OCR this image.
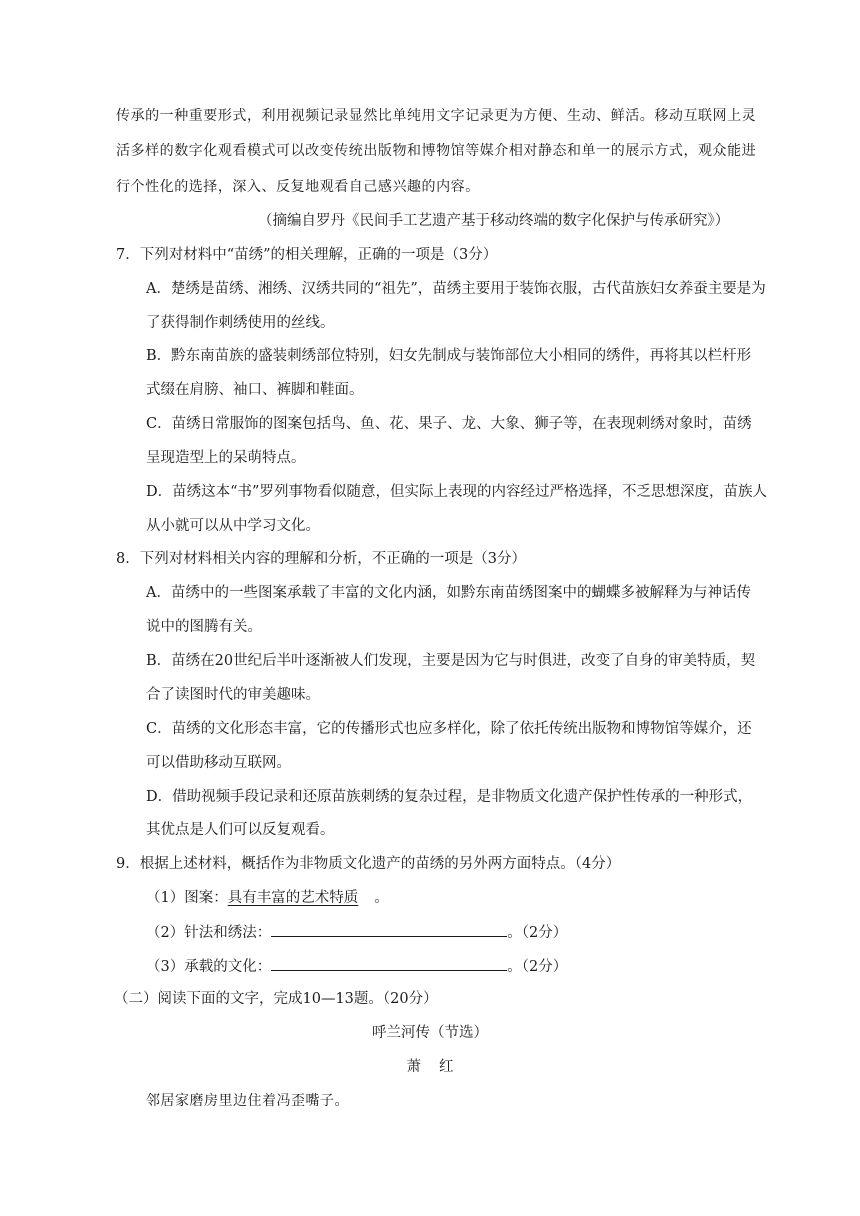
传承的一种重要形式，利用视频记录显然比单纯用文字记录更为方便、生动、鲜活。移动互联网上灵
活多样的数字化观看模式可以改变传统出版物和博物馆等媒介相对静态和单一的展示方式，观众能进
行个性化的选择，深入、反复地观看自己感兴趣的内容。
（摘编自罗丹《民间手工艺遗产基于移动终端的数字化保护与传承研究》）
7．下列对材料中“苗绣”的相关理解，正确的一项是（3分）
A．楚绣是苗绣、湘绣、汉绣共同的“祖先”，苗绣主要用于装饰衣服，古代苗族妇女养蚕主要是为
了获得制作刺绣使用的丝线。
B．黔东南苗族的盛装刺绣部位特别，妇女先制成与装饰部位大小相同的绣件，再将其以栏杆形
式缀在肩膀、袖口、裤脚和鞋面。
C．苗绣日常服饰的图案包括鸟、鱼、花、果子、龙、大象、狮子等，在表现刺绣对象时，苗绣
呈现造型上的呆萌特点。
D．苗绣这本“书”罗列事物看似随意，但实际上表现的内容经过严格选择，不乏思想深度，苗族人
从小就可以从中学习文化。
8．下列对材料相关内容的理解和分析，不正确的一项是（3分）
A．苗绣中的一些图案承载了丰富的文化内涵，如黔东南苗绣图案中的蝴蝶多被解释为与神话传
说中的图腾有关。
B．苗绣在20世纪后半叶逐渐被人们发现，主要是因为它与时俱进，改变了自身的审美特质，契
合了读图时代的审美趣味。
C．苗绣的文化形态丰富，它的传播形式也应多样化，除了依托传统出版物和博物馆等媒介，还
可以借助移动互联网。
D．借助视频手段记录和还原苗族刺绣的复杂过程，是非物质文化遗产保护性传承的一种形式，
其优点是人们可以反复观看。
9．根据上述材料，概括作为非物质文化遗产的苗绣的另外两方面特点。（4分）
（1）图案：具有丰富的艺术特质 。
（2）针法和绣法：	。（2分）
（3）承载的文化：	。（2分）
（二）阅读下面的文字，完成10—13题。（20分）
呼兰河传（节选）
萧红
邻居家磨房里边住着冯歪嘴子。
